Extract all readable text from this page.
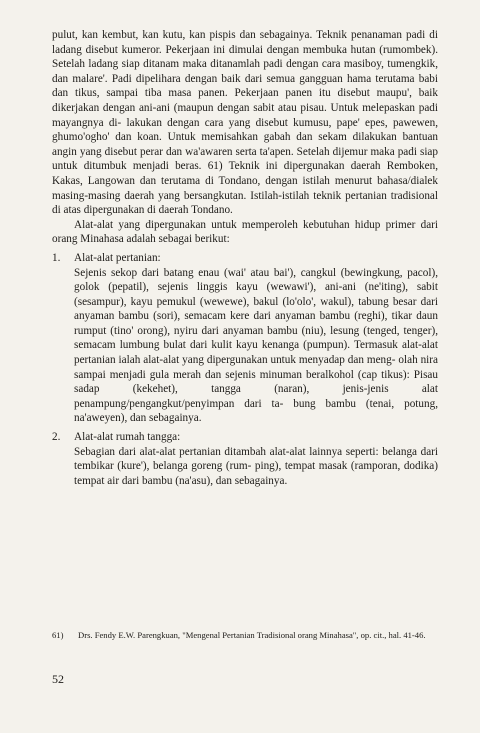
pulut, kan kembut, kan kutu, kan pispis dan sebagainya. Teknik penanaman padi di ladang disebut kumeror. Pekerjaan ini dimulai dengan membuka hutan (rumombek). Setelah ladang siap ditanam maka ditanamlah padi dengan cara masiboy, tumengkik, dan malare'. Padi dipelihara dengan baik dari semua gangguan hama terutama babi dan tikus, sampai tiba masa panen. Pekerjaan panen itu disebut maupu', baik dikerjakan dengan ani-ani (maupun dengan sabit atau pisau. Untuk melepaskan padi mayangnya di- lakukan dengan cara yang disebut kumusu, pape' epes, pawewen, ghumo'ogho' dan koan. Untuk memisahkan gabah dan sekam dilakukan bantuan angin yang disebut perar dan wa'awaren serta ta'apen. Setelah dijemur maka padi siap untuk ditumbuk menjadi beras. 61) Teknik ini dipergunakan daerah Remboken, Kakas, Langowan dan terutama di Tondano, dengan istilah menurut bahasa/dialek masing-masing daerah yang bersangkutan. Istilah-istilah teknik pertanian tradisional di atas dipergunakan di daerah Tondano.

Alat-alat yang dipergunakan untuk memperoleh kebutuhan hidup primer dari orang Minahasa adalah sebagai berikut:

1.	Alat-alat pertanian:
Sejenis sekop dari batang enau (wai' atau bai'), cangkul (bewingkung, pacol), golok (pepatil), sejenis linggis kayu (wewawi'), ani-ani (ne'iting), sabit (sesampur), kayu pemukul (wewewe), bakul (lo'olo', wakul), tabung besar dari anyaman bambu (sori), semacam kere dari anyaman bambu (reghi), tikar daun rumput (tino' orong), nyiru dari anyaman bambu (niu), lesung (tenged, tenger), semacam lumbung bulat dari kulit kayu kenanga (pumpun). Termasuk alat-alat pertanian ialah alat-alat yang dipergunakan untuk menyadap dan meng- olah nira sampai menjadi gula merah dan sejenis minuman beralkohol (cap tikus): Pisau sadap (kekehet), tangga (naran), jenis-jenis alat penampung/pengangkut/penyimpan dari ta- bung bambu (tenai, potung, na'aweyen), dan sebagainya.
2.	Alat-alat rumah tangga:
Sebagian dari alat-alat pertanian ditambah alat-alat lainnya seperti: belanga dari tembikar (kure'), belanga goreng (rum- ping), tempat masak (ramporan, dodika) tempat air dari bambu (na'asu), dan sebagainya.
61)	Drs. Fendy E.W. Parengkuan, "Mengenal Pertanian Tradisional orang Minahasa", op. cit., hal. 41-46.
52
